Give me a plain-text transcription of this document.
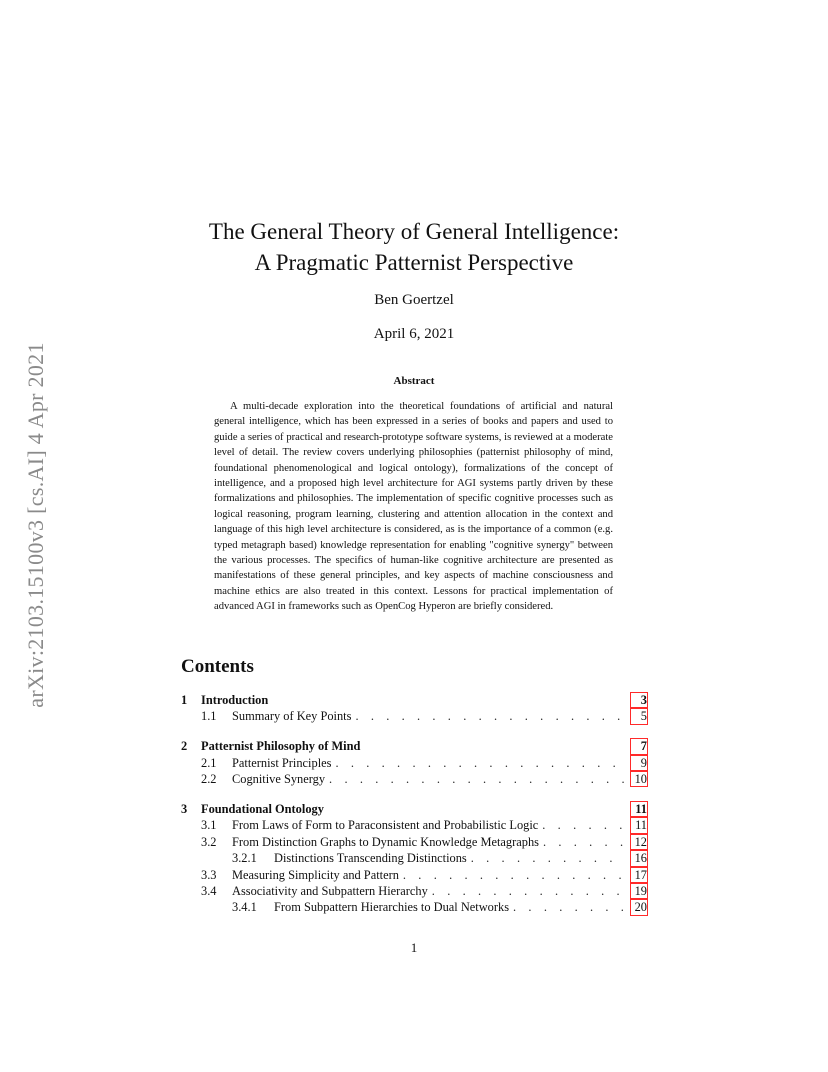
arXiv:2103.15100v3 [cs.AI] 4 Apr 2021
The General Theory of General Intelligence:
A Pragmatic Patternist Perspective
Ben Goertzel
April 6, 2021
Abstract
A multi-decade exploration into the theoretical foundations of artificial and natural general intelligence, which has been expressed in a series of books and papers and used to guide a series of practical and research-prototype software systems, is reviewed at a moderate level of detail. The review covers underlying philosophies (patternist philosophy of mind, foundational phenomenological and logical ontology), formalizations of the concept of intelligence, and a proposed high level architecture for AGI systems partly driven by these formalizations and philosophies. The implementation of specific cognitive processes such as logical reasoning, program learning, clustering and attention allocation in the context and language of this high level architecture is considered, as is the importance of a common (e.g. typed metagraph based) knowledge representation for enabling "cognitive synergy" between the various processes. The specifics of human-like cognitive architecture are presented as manifestations of these general principles, and key aspects of machine consciousness and machine ethics are also treated in this context. Lessons for practical implementation of advanced AGI in frameworks such as OpenCog Hyperon are briefly considered.
Contents
1	Introduction	3
1.1	Summary of Key Points . . .	5
2	Patternist Philosophy of Mind	7
2.1	Patternist Principles . . .	9
2.2	Cognitive Synergy . . .	10
3	Foundational Ontology	11
3.1	From Laws of Form to Paraconsistent and Probabilistic Logic . . .	11
3.2	From Distinction Graphs to Dynamic Knowledge Metagraphs . . .	12
3.2.1	Distinctions Transcending Distinctions . . .	16
3.3	Measuring Simplicity and Pattern . . .	17
3.4	Associativity and Subpattern Hierarchy . . .	19
3.4.1	From Subpattern Hierarchies to Dual Networks . . .	20
1
